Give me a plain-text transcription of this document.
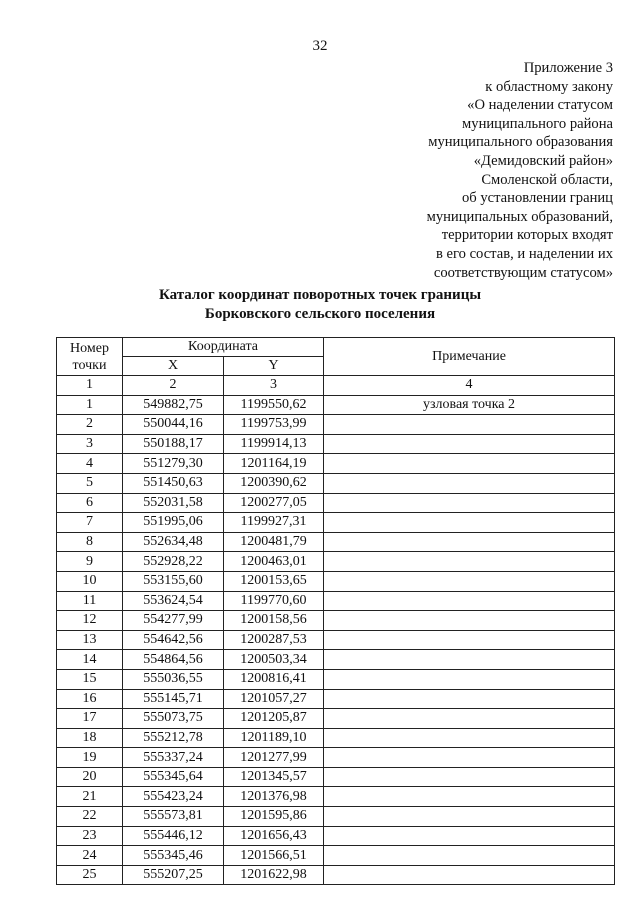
32
Приложение 3
к областному закону
«О наделении статусом
муниципального района
муниципального образования
«Демидовский район»
Смоленской области,
об установлении границ
муниципальных образований,
территории которых входят
в его состав, и наделении их
соответствующим статусом»
Каталог координат поворотных точек границы
Борковского сельского поселения
Номер
точки	Координата		Примечание
	X	Y	
1	2	3	4
1	549882,75	1199550,62	узловая точка 2
2	550044,16	1199753,99	
3	550188,17	1199914,13	
4	551279,30	1201164,19	
5	551450,63	1200390,62	
6	552031,58	1200277,05	
7	551995,06	1199927,31	
8	552634,48	1200481,79	
9	552928,22	1200463,01	
10	553155,60	1200153,65	
11	553624,54	1199770,60	
12	554277,99	1200158,56	
13	554642,56	1200287,53	
14	554864,56	1200503,34	
15	555036,55	1200816,41	
16	555145,71	1201057,27	
17	555073,75	1201205,87	
18	555212,78	1201189,10	
19	555337,24	1201277,99	
20	555345,64	1201345,57	
21	555423,24	1201376,98	
22	555573,81	1201595,86	
23	555446,12	1201656,43	
24	555345,46	1201566,51	
25	555207,25	1201622,98	
